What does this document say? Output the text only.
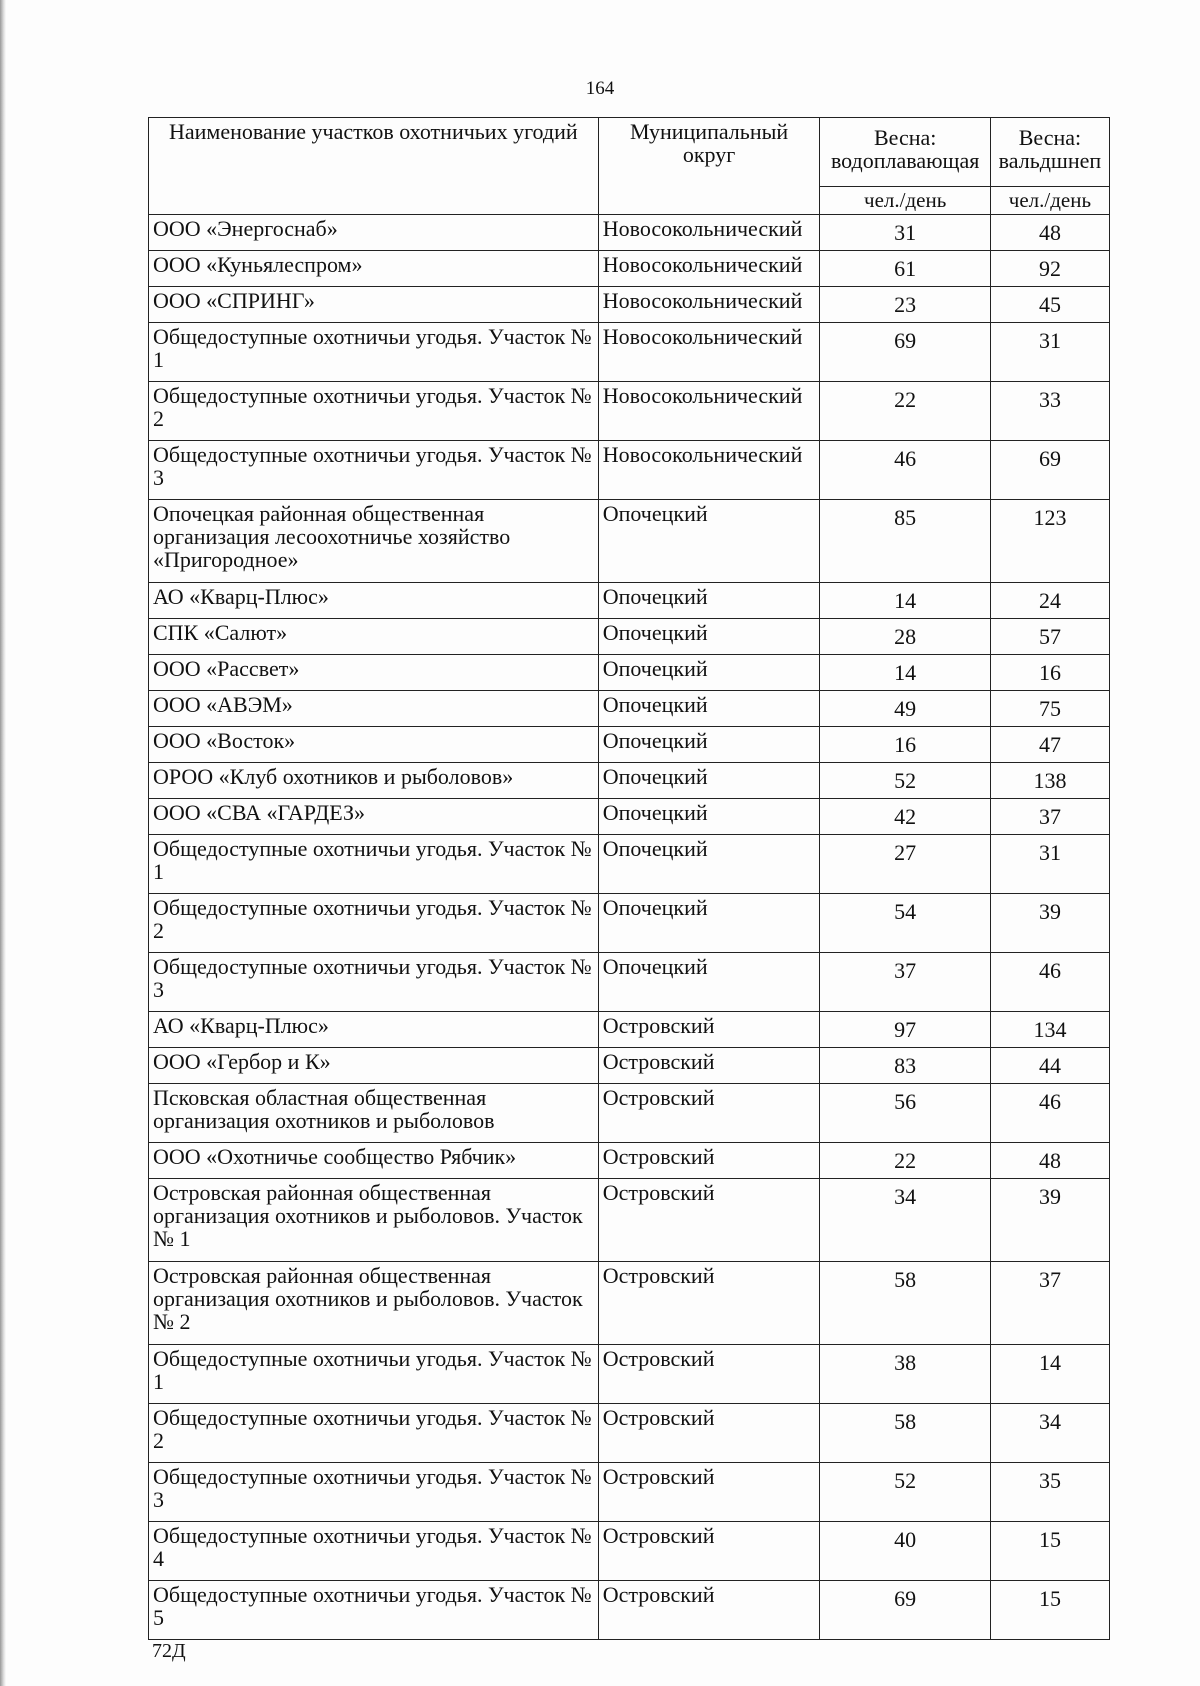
164
Наименование участков охотничьих угодий	Муниципальный округ	Весна: водоплавающая	Весна: вальдшнеп
		чел./день	чел./день
ООО «Энергоснаб»	Новосокольнический	31	48
ООО «Куньялеспром»	Новосокольнический	61	92
ООО «СПРИНГ»	Новосокольнический	23	45
Общедоступные охотничьи угодья. Участок № 1	Новосокольнический	69	31
Общедоступные охотничьи угодья. Участок № 2	Новосокольнический	22	33
Общедоступные охотничьи угодья. Участок № 3	Новосокольнический	46	69
Опочецкая районная общественная организация лесоохотничье хозяйство «Пригородное»	Опочецкий	85	123
АО «Кварц-Плюс»	Опочецкий	14	24
СПК «Салют»	Опочецкий	28	57
ООО «Рассвет»	Опочецкий	14	16
ООО «АВЭМ»	Опочецкий	49	75
ООО «Восток»	Опочецкий	16	47
ОРОО «Клуб охотников и рыболовов»	Опочецкий	52	138
ООО «СВА «ГАРДЕЗ»	Опочецкий	42	37
Общедоступные охотничьи угодья. Участок № 1	Опочецкий	27	31
Общедоступные охотничьи угодья. Участок № 2	Опочецкий	54	39
Общедоступные охотничьи угодья. Участок № 3	Опочецкий	37	46
АО «Кварц-Плюс»	Островский	97	134
ООО «Гербор и К»	Островский	83	44
Псковская областная общественная организация охотников и рыболовов	Островский	56	46
ООО «Охотничье сообщество Рябчик»	Островский	22	48
Островская районная общественная организация охотников и рыболовов. Участок № 1	Островский	34	39
Островская районная общественная организация охотников и рыболовов. Участок № 2	Островский	58	37
Общедоступные охотничьи угодья. Участок № 1	Островский	38	14
Общедоступные охотничьи угодья. Участок № 2	Островский	58	34
Общедоступные охотничьи угодья. Участок № 3	Островский	52	35
Общедоступные охотничьи угодья. Участок № 4	Островский	40	15
Общедоступные охотничьи угодья. Участок № 5	Островский	69	15
72Д
